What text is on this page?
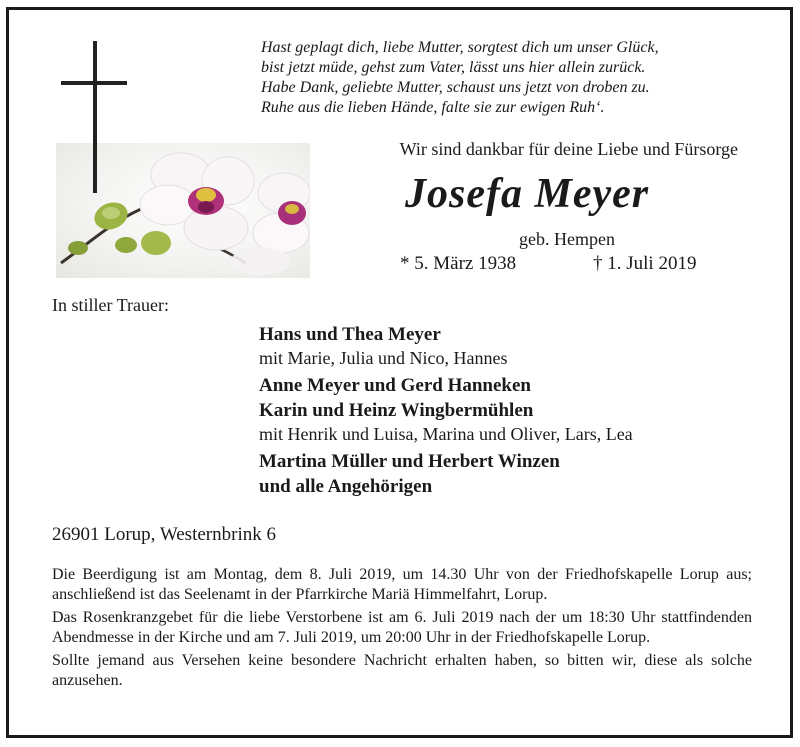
Hast geplagt dich, liebe Mutter, sorgtest dich um unser Glück,
bist jetzt müde, gehst zum Vater, lässt uns hier allein zurück.
Habe Dank, geliebte Mutter, schaust uns jetzt von droben zu.
Ruhe aus die lieben Hände, falte sie zur ewigen Ruh‘.
Wir sind dankbar für deine Liebe und Fürsorge
Josefa Meyer
geb. Hempen
* 5. März 1938	† 1. Juli 2019
In stiller Trauer:
Hans und Thea Meyer
mit Marie, Julia und Nico, Hannes
Anne Meyer und Gerd Hanneken
Karin und Heinz Wingbermühlen
mit Henrik und Luisa, Marina und Oliver, Lars, Lea
Martina Müller und Herbert Winzen
und alle Angehörigen
26901 Lorup, Westernbrink 6

Die Beerdigung ist am Montag, dem 8. Juli 2019, um 14.30 Uhr von der Friedhofskapelle Lorup aus; anschließend ist das Seelenamt in der Pfarrkirche Mariä Himmelfahrt, Lorup.

Das Rosenkranzgebet für die liebe Verstorbene ist am 6. Juli 2019 nach der um 18:30 Uhr stattfindenden Abendmesse in der Kirche und am 7. Juli 2019, um 20:00 Uhr in der Friedhofskapelle Lorup.

Sollte jemand aus Versehen keine besondere Nachricht erhalten haben, so bitten wir, diese als solche anzusehen.
